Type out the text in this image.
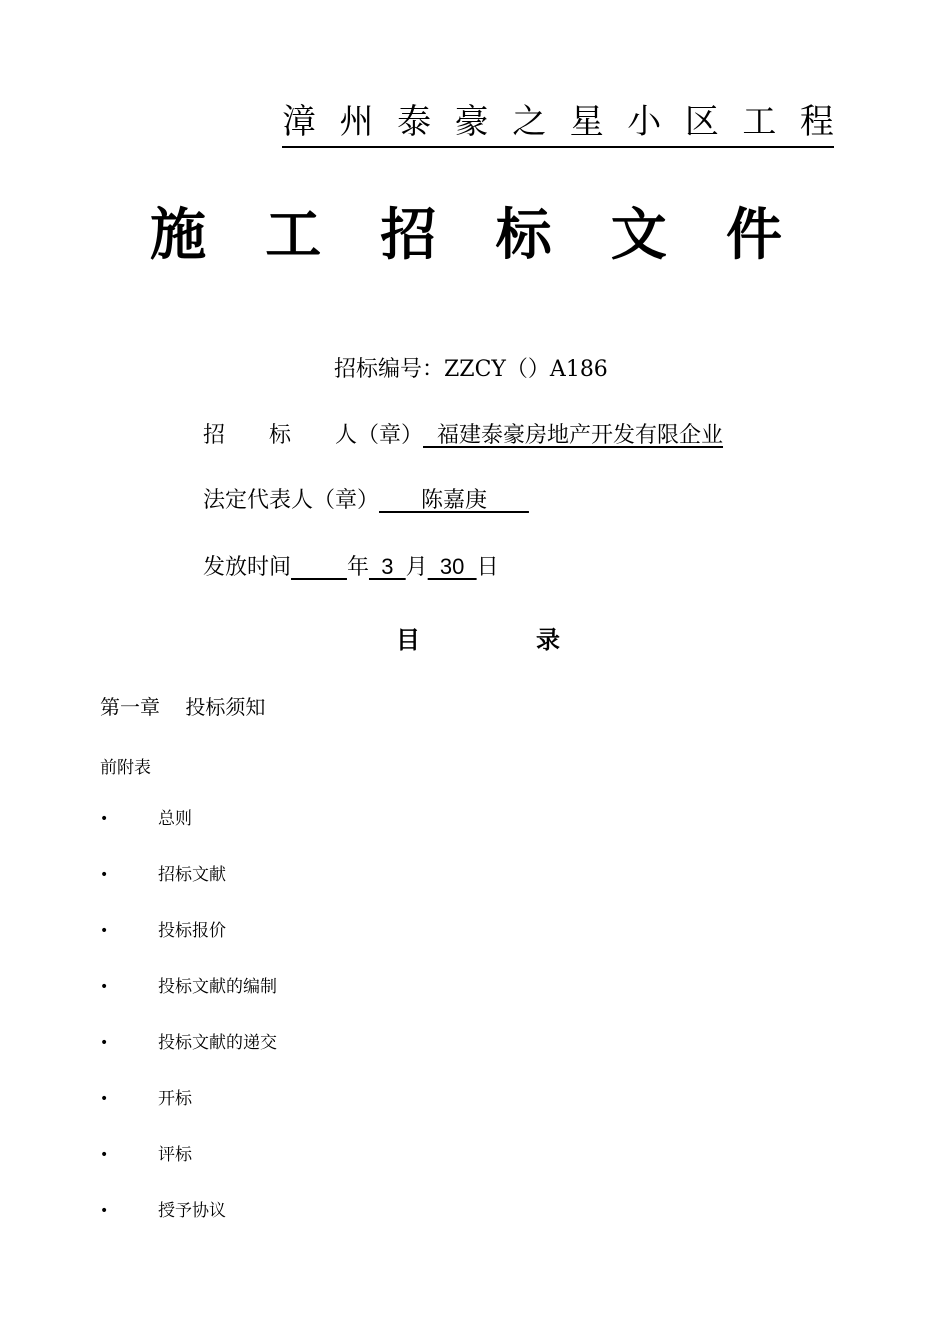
漳 州 泰 豪 之 星 小 区 工 程
施 工 招 标 文 件
招标编号：ZZCY（）A186
招　　标　　人（章）  福建泰豪房地产开发有限企业
法定代表人（章）      陈嘉庚
发放时间	年  3  月  30  日
目	录
第一章    投标须知
前附表
•	总则
•	招标文献
•	投标报价
•	投标文献的编制
•	投标文献的递交
•	开标
•	评标
•	授予协议
